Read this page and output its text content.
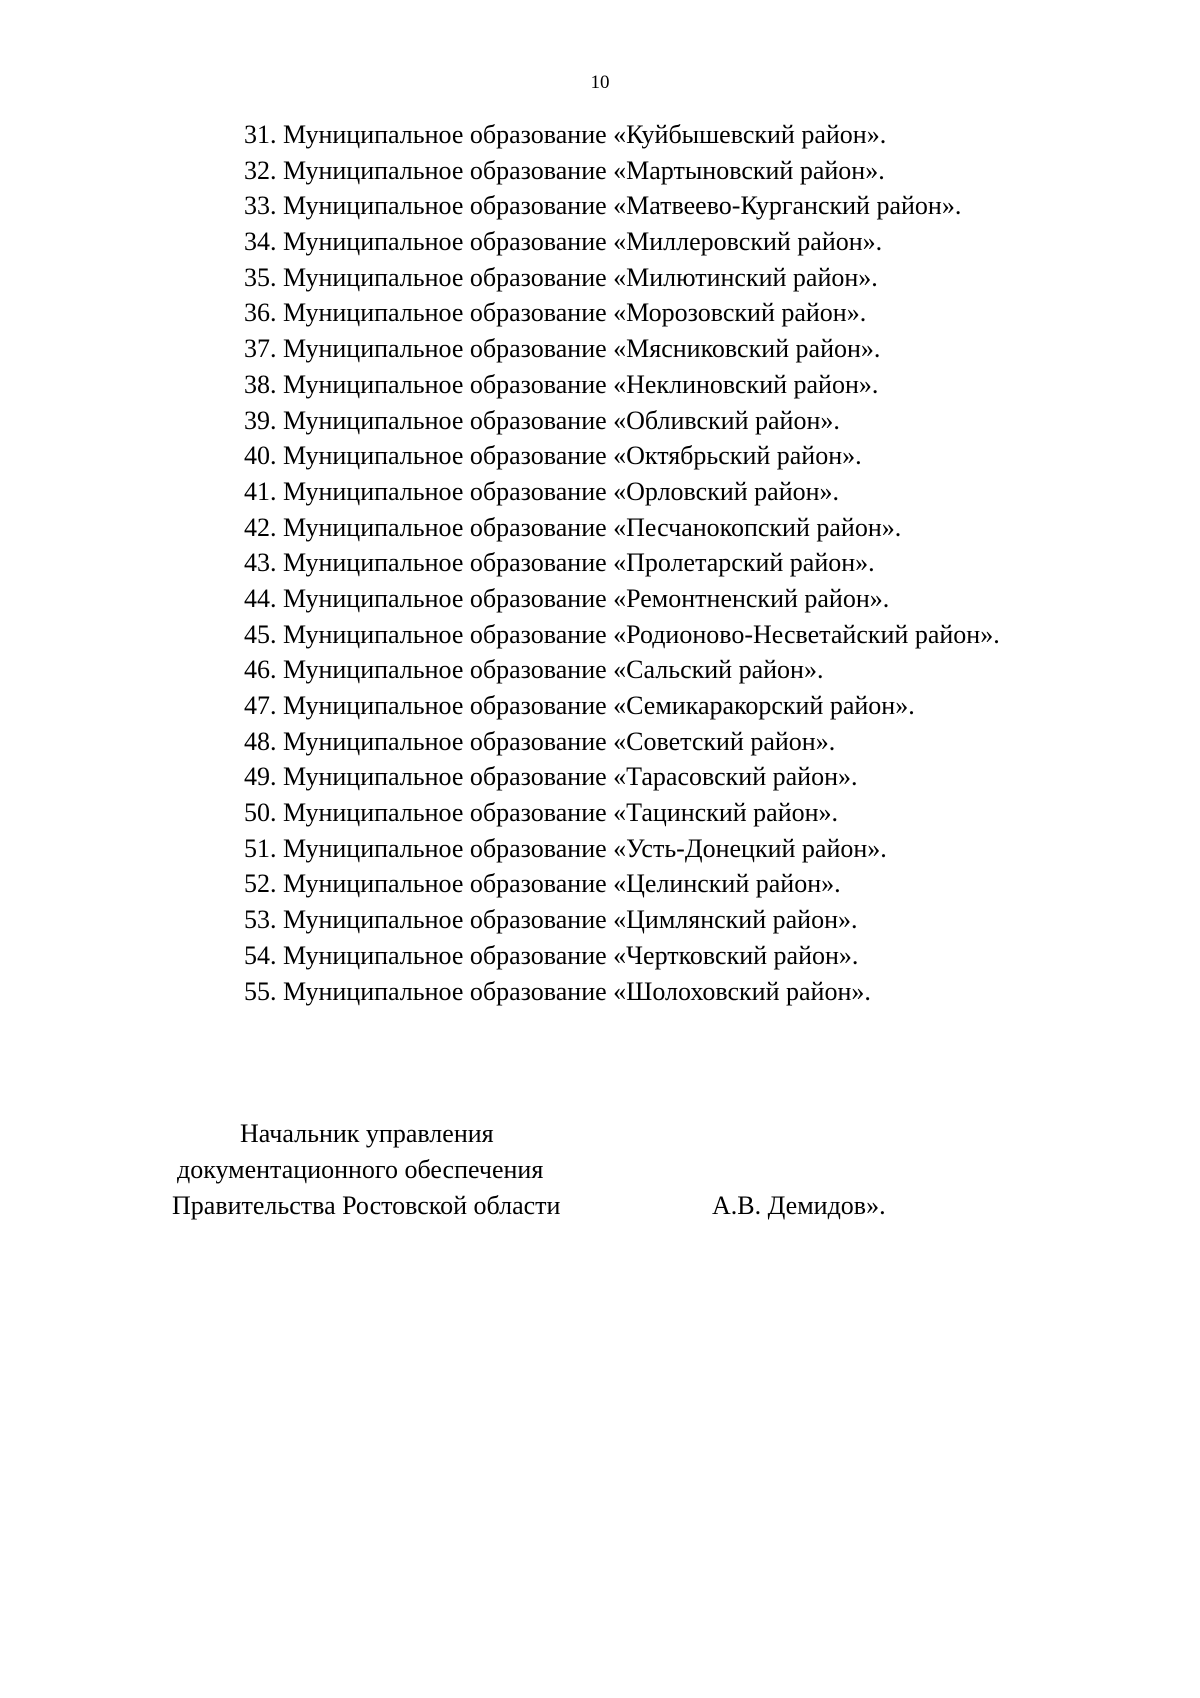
10
31. Муниципальное образование «Куйбышевский район».
32. Муниципальное образование «Мартыновский район».
33. Муниципальное образование «Матвеево-Курганский район».
34. Муниципальное образование «Миллеровский район».
35. Муниципальное образование «Милютинский район».
36. Муниципальное образование «Морозовский район».
37. Муниципальное образование «Мясниковский район».
38. Муниципальное образование «Неклиновский район».
39. Муниципальное образование «Обливский район».
40. Муниципальное образование «Октябрьский район».
41. Муниципальное образование «Орловский район».
42. Муниципальное образование «Песчанокопский район».
43. Муниципальное образование «Пролетарский район».
44. Муниципальное образование «Ремонтненский район».
45. Муниципальное образование «Родионово-Несветайский район».
46. Муниципальное образование «Сальский район».
47. Муниципальное образование «Семикаракорский район».
48. Муниципальное образование «Советский район».
49. Муниципальное образование «Тарасовский район».
50. Муниципальное образование «Тацинский район».
51. Муниципальное образование «Усть-Донецкий район».
52. Муниципальное образование «Целинский район».
53. Муниципальное образование «Цимлянский район».
54. Муниципальное образование «Чертковский район».
55. Муниципальное образование «Шолоховский район».
Начальник управления
документационного обеспечения
Правительства Ростовской области	А.В. Демидов».
